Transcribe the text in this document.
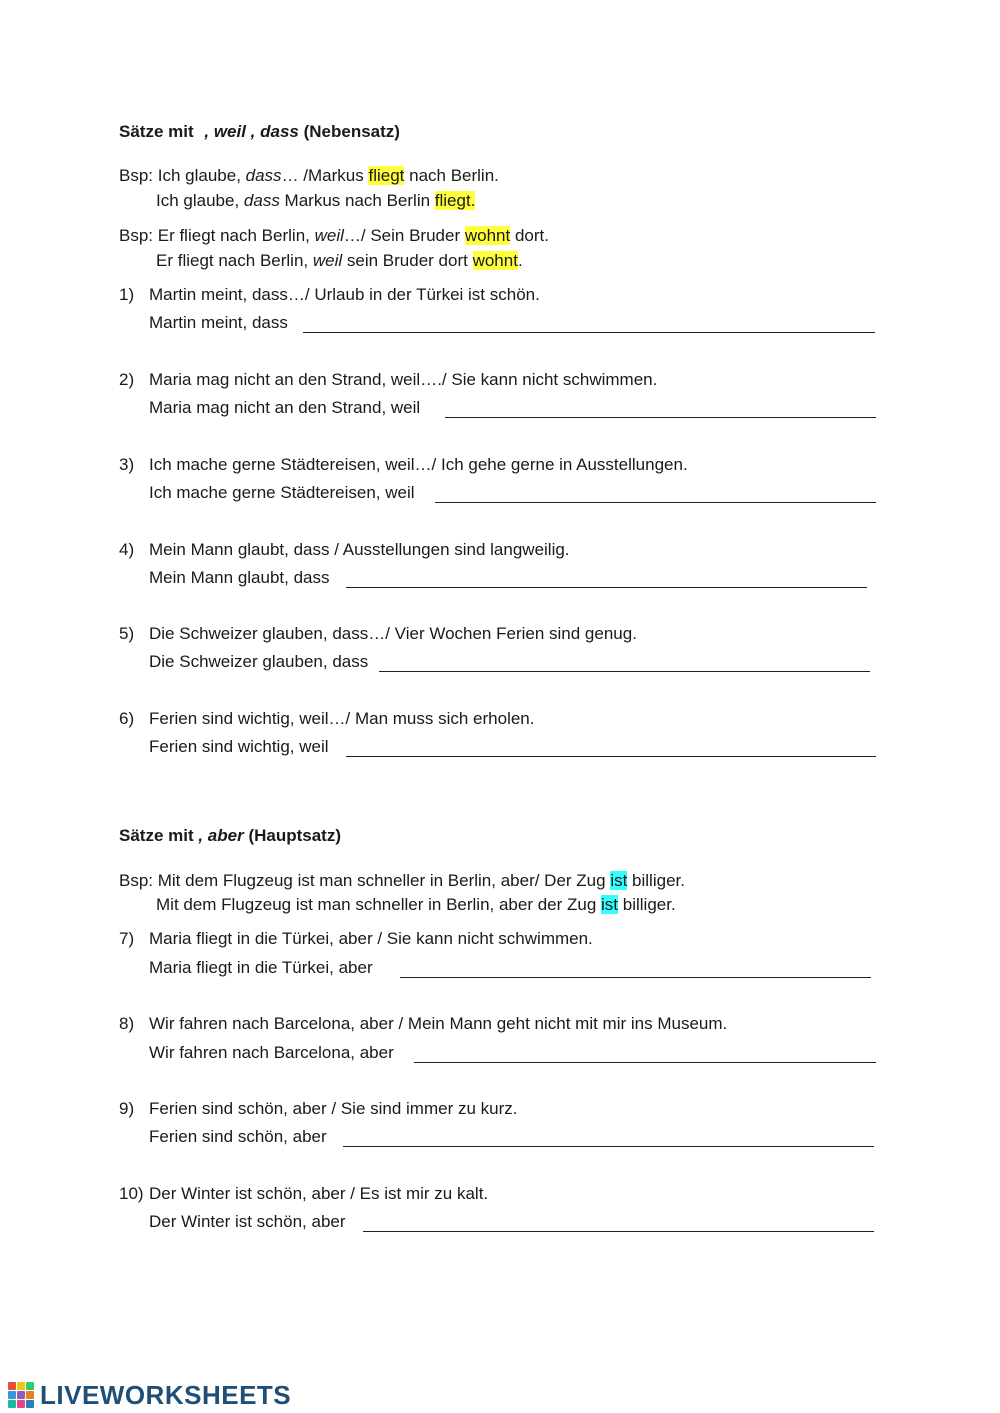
Sätze mit , weil , dass (Nebensatz)
Bsp: Ich glaube, dass… /Markus fliegt nach Berlin.
Ich glaube, dass Markus nach Berlin fliegt.
Bsp: Er fliegt nach Berlin, weil…/ Sein Bruder wohnt dort.
Er fliegt nach Berlin, weil sein Bruder dort wohnt.
1) Martin meint, dass…/ Urlaub in der Türkei ist schön.
Martin meint, dass
2) Maria mag nicht an den Strand, weil…./ Sie kann nicht schwimmen.
Maria mag nicht an den Strand, weil
3) Ich mache gerne Städtereisen, weil…/ Ich gehe gerne in Ausstellungen.
Ich mache gerne Städtereisen, weil
4) Mein Mann glaubt, dass / Ausstellungen sind langweilig.
Mein Mann glaubt, dass
5) Die Schweizer glauben, dass…/ Vier Wochen Ferien sind genug.
Die Schweizer glauben, dass
6) Ferien sind wichtig, weil…/ Man muss sich erholen.
Ferien sind wichtig, weil
Sätze mit , aber (Hauptsatz)
Bsp: Mit dem Flugzeug ist man schneller in Berlin, aber/ Der Zug ist billiger.
Mit dem Flugzeug ist man schneller in Berlin, aber der Zug ist billiger.
7) Maria fliegt in die Türkei, aber / Sie kann nicht schwimmen.
Maria fliegt in die Türkei, aber
8) Wir fahren nach Barcelona, aber / Mein Mann geht nicht mit mir ins Museum.
Wir fahren nach Barcelona, aber
9) Ferien sind schön, aber / Sie sind immer zu kurz.
Ferien sind schön, aber
10) Der Winter ist schön, aber / Es ist mir zu kalt.
Der Winter ist schön, aber
LIVEWORKSHEETS
